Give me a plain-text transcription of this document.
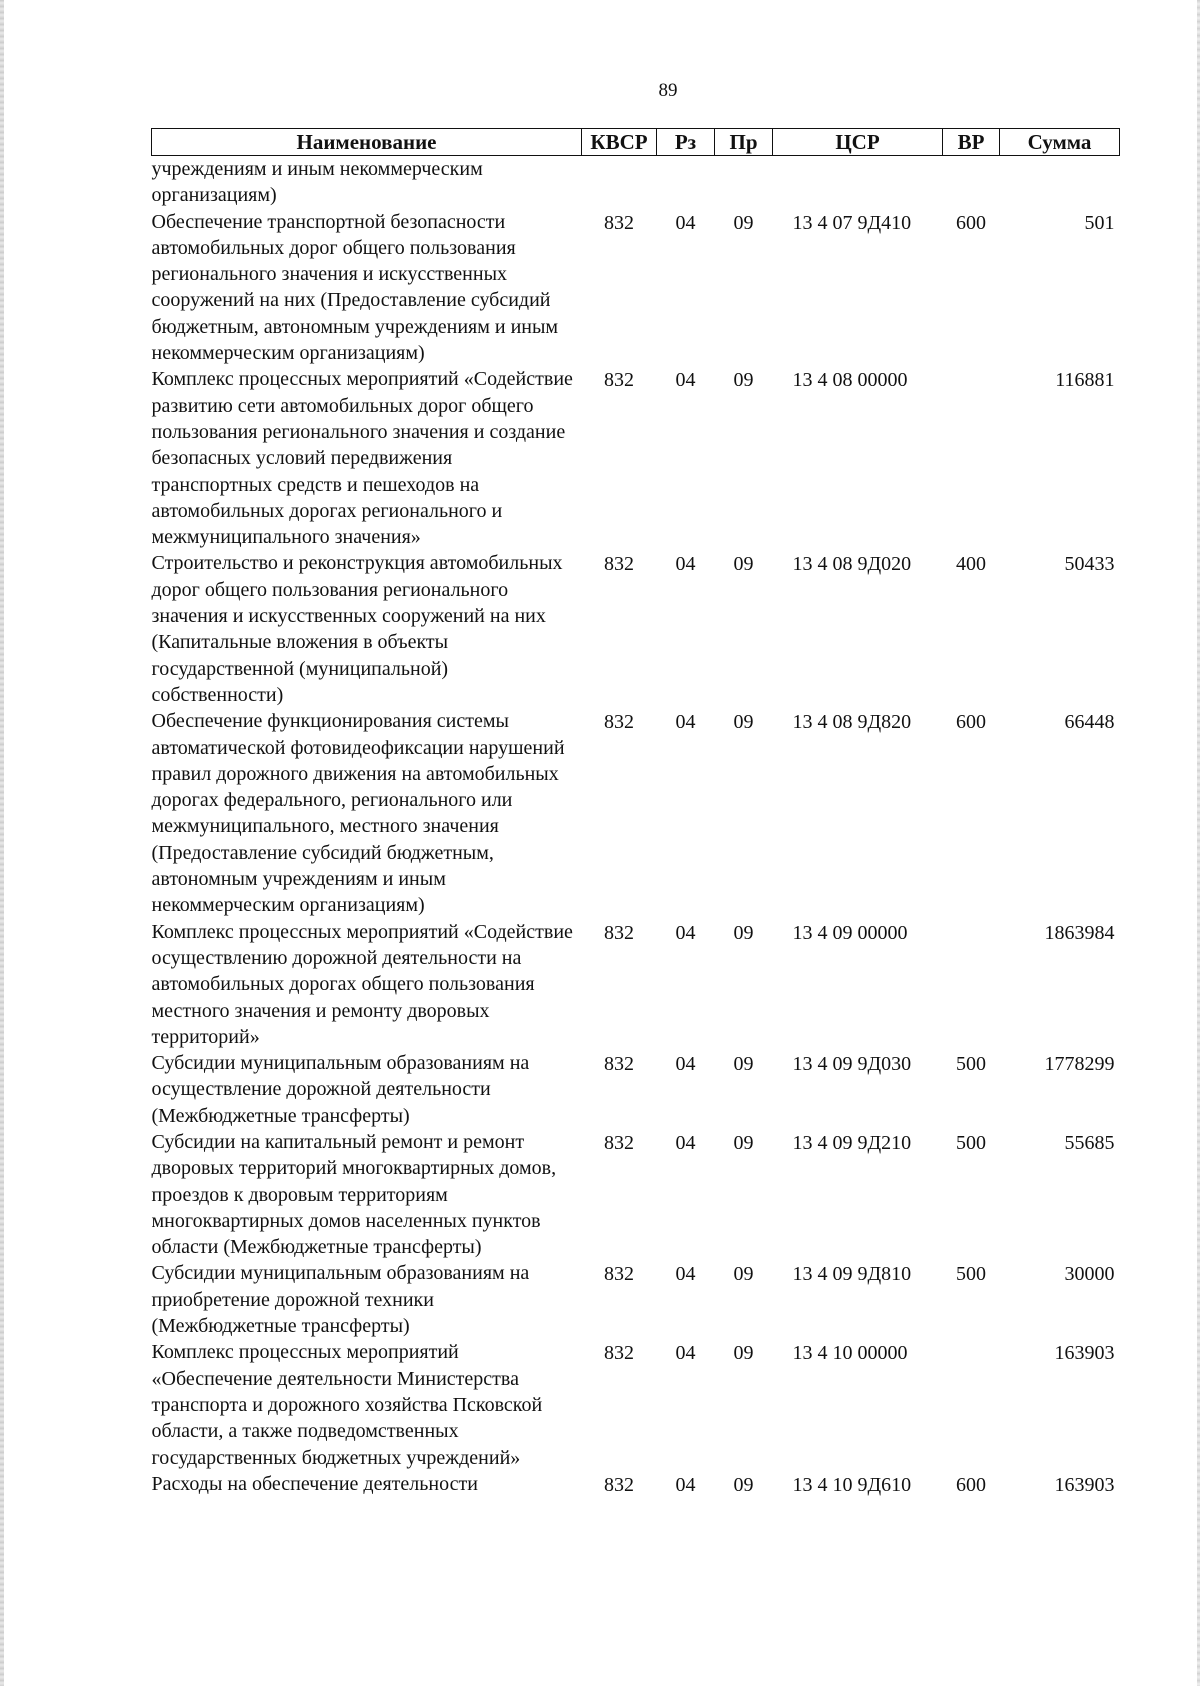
89
Наименование	КВСР	Рз	Пр	ЦСР	ВР	Сумма
учреждениям и иным некоммерческим организациям)						
Обеспечение транспортной безопасности автомобильных дорог общего пользования регионального значения и искусственных сооружений на них (Предоставление субсидий бюджетным, автономным учреждениям и иным некоммерческим организациям)	832	04	09	13 4 07 9Д410	600	501
Комплекс процессных мероприятий «Содействие развитию сети автомобильных дорог общего пользования регионального значения и создание безопасных условий передвижения транспортных средств и пешеходов на автомобильных дорогах регионального и межмуниципального значения»	832	04	09	13 4 08 00000		116881
Строительство и реконструкция автомобильных дорог общего пользования регионального значения и искусственных сооружений на них (Капитальные вложения в объекты государственной (муниципальной) собственности)	832	04	09	13 4 08 9Д020	400	50433
Обеспечение функционирования системы автоматической фотовидеофиксации нарушений правил дорожного движения на автомобильных дорогах федерального, регионального или межмуниципального, местного значения (Предоставление субсидий бюджетным, автономным учреждениям и иным некоммерческим организациям)	832	04	09	13 4 08 9Д820	600	66448
Комплекс процессных мероприятий «Содействие осуществлению дорожной деятельности на автомобильных дорогах общего пользования местного значения и ремонту дворовых территорий»	832	04	09	13 4 09 00000		1863984
Субсидии муниципальным образованиям на осуществление дорожной деятельности (Межбюджетные трансферты)	832	04	09	13 4 09 9Д030	500	1778299
Субсидии на капитальный ремонт и ремонт дворовых территорий многоквартирных домов, проездов к дворовым территориям многоквартирных домов населенных пунктов области (Межбюджетные трансферты)	832	04	09	13 4 09 9Д210	500	55685
Субсидии муниципальным образованиям на приобретение дорожной техники (Межбюджетные трансферты)	832	04	09	13 4 09 9Д810	500	30000
Комплекс процессных мероприятий «Обеспечение деятельности Министерства транспорта и дорожного хозяйства Псковской области, а также подведомственных государственных бюджетных учреждений»	832	04	09	13 4 10 00000		163903
Расходы на обеспечение деятельности	832	04	09	13 4 10 9Д610	600	163903
